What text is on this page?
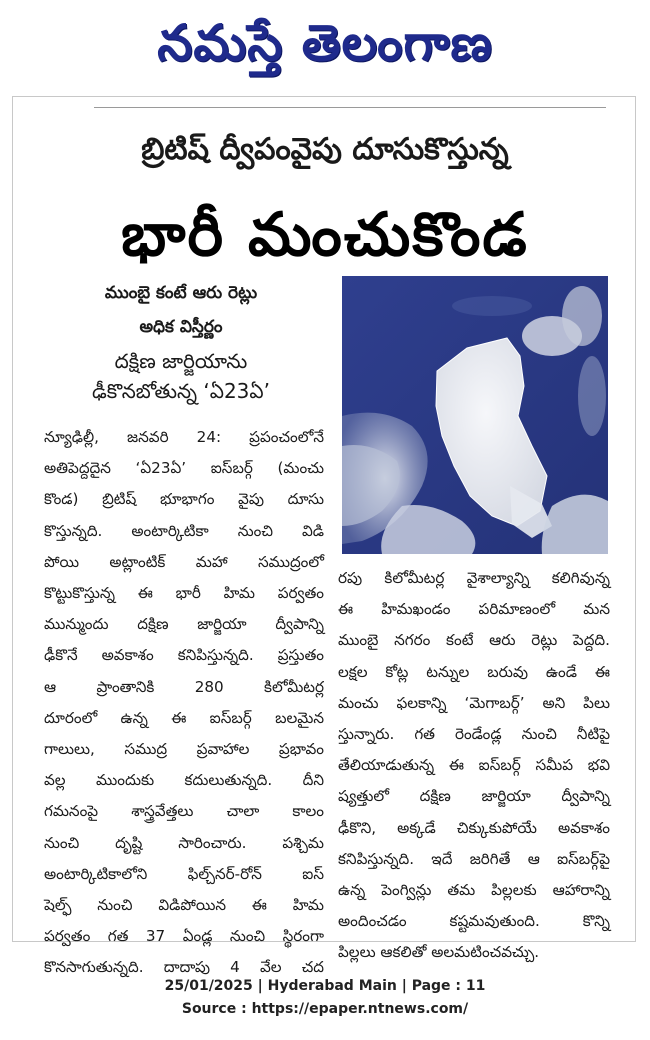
నమస్తే తెలంగాణ
బ్రిటిష్ ద్వీపంవైపు దూసుకొస్తున్న
భారీ మంచుకొండ
ముంబై కంటే ఆరు రెట్లు
అధిక విస్తీర్ణం
దక్షిణ జార్జియాను
ఢీకొనబోతున్న ‘ఏ23ఏ’
న్యూఢిల్లీ, జనవరి 24: ప్రపంచంలోనే
అతిపెద్దదైన ‘ఏ23ఏ’ ఐస్‌బర్గ్ (మంచు
కొండ) బ్రిటిష్ భూభాగం వైపు దూసు
కొస్తున్నది. అంటార్కిటికా నుంచి విడి
పోయి అట్లాంటిక్ మహా సముద్రంలో
కొట్టుకొస్తున్న ఈ భారీ హిమ పర్వతం
మున్ముందు దక్షిణ జార్జియా ద్వీపాన్ని
ఢీకొనే అవకాశం కనిపిస్తున్నది. ప్రస్తుతం
ఆ ప్రాంతానికి 280 కిలోమీటర్ల
దూరంలో ఉన్న ఈ ఐస్‌బర్గ్ బలమైన
గాలులు, సముద్ర ప్రవాహాల ప్రభావం
వల్ల ముందుకు కదులుతున్నది. దీని
గమనంపై శాస్త్రవేత్తలు చాలా కాలం
నుంచి దృష్టి సారించారు. పశ్చిమ
అంటార్కిటికాలోని ఫిల్చ్‌నర్-రోన్ ఐస్
షెల్ఫ్ నుంచి విడిపోయిన ఈ హిమ
పర్వతం గత 37 ఏండ్ల నుంచి స్థిరంగా
కొనసాగుతున్నది. దాదాపు 4 వేల చద
రపు కిలోమీటర్ల వైశాల్యాన్ని కలిగివున్న
ఈ హిమఖండం పరిమాణంలో మన
ముంబై నగరం కంటే ఆరు రెట్లు పెద్దది.
లక్షల కోట్ల టన్నుల బరువు ఉండే ఈ
మంచు ఫలకాన్ని ‘మెగాబర్గ్’ అని పిలు
స్తున్నారు. గత రెండేండ్ల నుంచి నీటిపై
తేలియాడుతున్న ఈ ఐస్‌బర్గ్ సమీప భవి
ష్యత్తులో దక్షిణ జార్జియా ద్వీపాన్ని
ఢీకొని, అక్కడే చిక్కుకుపోయే అవకాశం
కనిపిస్తున్నది. ఇదే జరిగితే ఆ ఐస్‌బర్గ్‌పై
ఉన్న పెంగ్విన్లు తమ పిల్లలకు ఆహారాన్ని
అందించడం కష్టమవుతుంది. కొన్ని
పిల్లలు ఆకలితో అలమటించవచ్చు.
25/01/2025 | Hyderabad Main | Page : 11
Source : https://epaper.ntnews.com/
